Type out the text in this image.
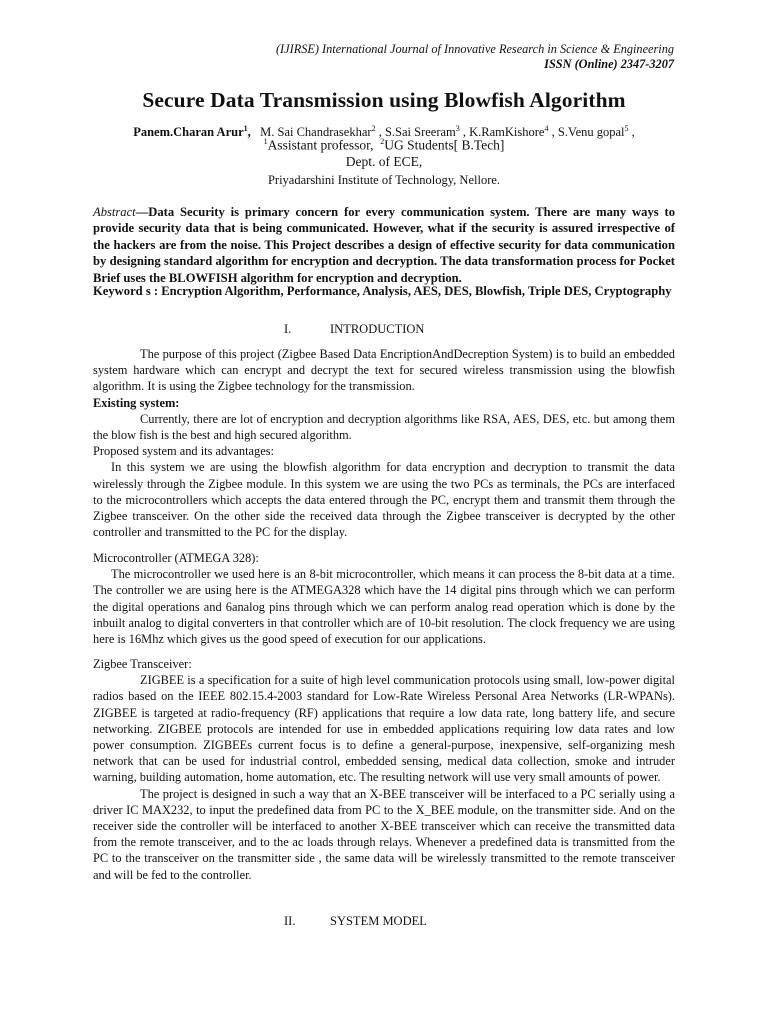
(IJIRSE) International Journal of Innovative Research in Science & Engineering
ISSN (Online) 2347-3207
Secure Data Transmission using Blowfish Algorithm
Panem.Charan Arur$^1$, M. Sai Chandrasekhar$^2$ , S.Sai Sreeram$^3$ , K.RamKishore$^4$ , S.Venu gopal$^5$ ,
$^1$Assistant professor, $^2$UG Students[ B.Tech]
Dept. of ECE,
Priyadarshini Institute of Technology, Nellore.
Abstract—Data Security is primary concern for every communication system. There are many ways to provide security data that is being communicated. However, what if the security is assured irrespective of the hackers are from the noise. This Project describes a design of effective security for data communication by designing standard algorithm for encryption and decryption. The data transformation process for Pocket Brief uses the BLOWFISH algorithm for encryption and decryption.
Keyword s : Encryption Algorithm, Performance, Analysis, AES, DES, Blowfish, Triple DES, Cryptography
I.	INTRODUCTION

The purpose of this project (Zigbee Based Data EncriptionAndDecreption System) is to build an embedded system hardware which can encrypt and decrypt the text for secured wireless transmission using the blowfish algorithm. It is using the Zigbee technology for the transmission.

Existing system:

Currently, there are lot of encryption and decryption algorithms like RSA, AES, DES, etc. but among them the blow fish is the best and high secured algorithm.

Proposed system and its advantages:

In this system we are using the blowfish algorithm for data encryption and decryption to transmit the data wirelessly through the Zigbee module. In this system we are using the two PCs as terminals, the PCs are interfaced to the microcontrollers which accepts the data entered through the PC, encrypt them and transmit them through the Zigbee transceiver. On the other side the received data through the Zigbee transceiver is decrypted by the other controller and transmitted to the PC for the display.

Microcontroller (ATMEGA 328):

The microcontroller we used here is an 8-bit microcontroller, which means it can process the 8-bit data at a time. The controller we are using here is the ATMEGA328 which have the 14 digital pins through which we can perform the digital operations and 6analog pins through which we can perform analog read operation which is done by the inbuilt analog to digital converters in that controller which are of 10-bit resolution. The clock frequency we are using here is 16Mhz which gives us the good speed of execution for our applications.

Zigbee Transceiver:

ZIGBEE is a specification for a suite of high level communication protocols using small, low-power digital radios based on the IEEE 802.15.4-2003 standard for Low-Rate Wireless Personal Area Networks (LR-WPANs). ZIGBEE is targeted at radio-frequency (RF) applications that require a low data rate, long battery life, and secure networking. ZIGBEE protocols are intended for use in embedded applications requiring low data rates and low power consumption. ZIGBEEs current focus is to define a general-purpose, inexpensive, self-organizing mesh network that can be used for industrial control, embedded sensing, medical data collection, smoke and intruder warning, building automation, home automation, etc. The resulting network will use very small amounts of power.

The project is designed in such a way that an X-BEE transceiver will be interfaced to a PC serially using a driver IC MAX232, to input the predefined data from PC to the X_BEE module, on the transmitter side. And on the receiver side the controller will be interfaced to another X-BEE transceiver which can receive the transmitted data from the remote transceiver, and to the ac loads through relays. Whenever a predefined data is transmitted from the PC to the transceiver on the transmitter side , the same data will be wirelessly transmitted to the remote transceiver and will be fed to the controller.

II.	SYSTEM MODEL
